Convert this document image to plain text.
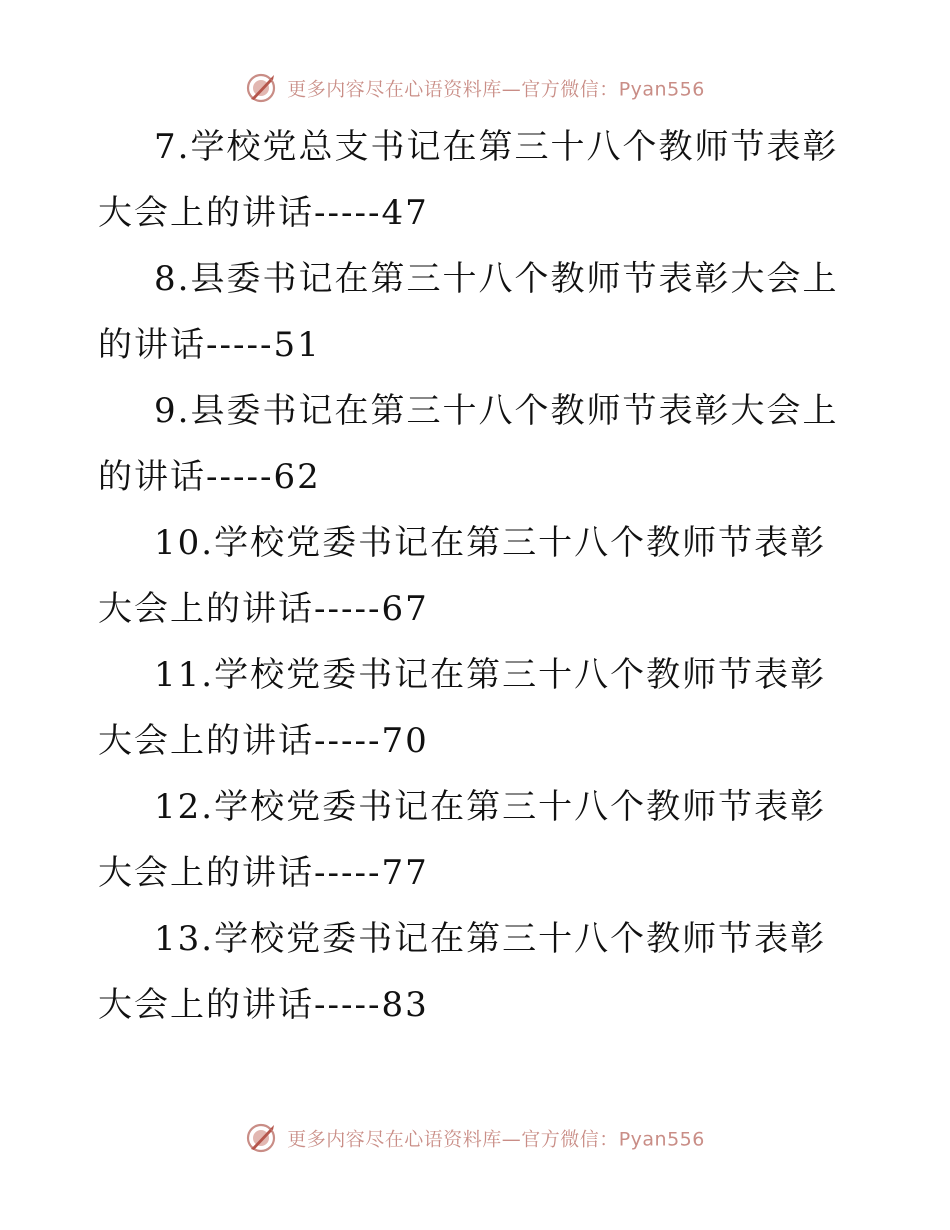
更多内容尽在心语资料库—官方微信：Pyan556

7.学校党总支书记在第三十八个教师节表彰大会上的讲话-----47

8.县委书记在第三十八个教师节表彰大会上的讲话-----51

9.县委书记在第三十八个教师节表彰大会上的讲话-----62

10.学校党委书记在第三十八个教师节表彰大会上的讲话-----67

11.学校党委书记在第三十八个教师节表彰大会上的讲话-----70

12.学校党委书记在第三十八个教师节表彰大会上的讲话-----77

13.学校党委书记在第三十八个教师节表彰大会上的讲话-----83

更多内容尽在心语资料库—官方微信：Pyan556
